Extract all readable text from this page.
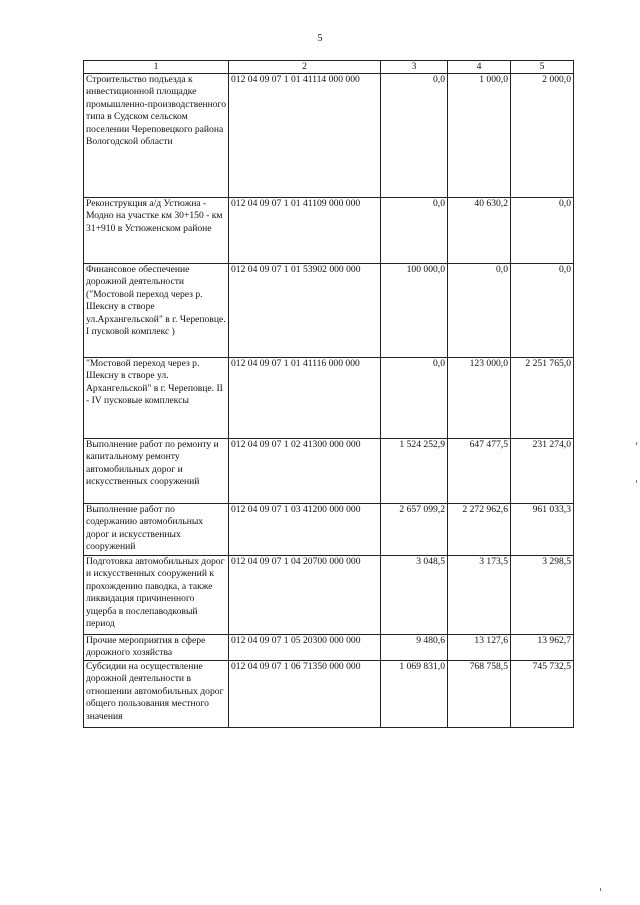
5
1	2	3	4	5
Строительство подъезда к инвестиционной площадке промышленно-производственного типа в Судском сельском поселении Череповецкого района Вологодской области	012 04 09 07 1 01 41114 000 000	0,0	1 000,0	2 000,0
Реконструкция а/д Устюжна - Модно на участке км 30+150 - км 31+910 в Устюженском районе	012 04 09 07 1 01 41109 000 000	0,0	40 630,2	0,0
Финансовое обеспечение дорожной деятельности ("Мостовой переход через р. Шексну в створе ул.Архангельской" в г. Череповце. I пусковой комплекс )	012 04 09 07 1 01 53902 000 000	100 000,0	0,0	0,0
"Мостовой переход через р. Шексну в створе ул. Архангельской" в г. Череповце. II - IV пусковые комплексы	012 04 09 07 1 01 41116 000 000	0,0	123 000,0	2 251 765,0
Выполнение работ по ремонту и капитальному ремонту автомобильных дорог и искусственных сооружений	012 04 09 07 1 02 41300 000 000	1 524 252,9	647 477,5	231 274,0
Выполнение работ по содержанию автомобильных дорог и искусственных сооружений	012 04 09 07 1 03 41200 000 000	2 657 099,2	2 272 962,6	961 033,3
Подготовка автомобильных дорог и искусственных сооружений к прохождению паводка, а также ликвидация причиненного ущерба в послепаводковый период	012 04 09 07 1 04 20700 000 000	3 048,5	3 173,5	3 298,5
Прочие мероприятия в сфере дорожного хозяйства	012 04 09 07 1 05 20300 000 000	9 480,6	13 127,6	13 962,7
Субсидии на осуществление дорожной деятельности в отношении автомобильных дорог общего пользования местного значения	012 04 09 07 1 06 71350 000 000	1 069 831,0	768 758,5	745 732,5
